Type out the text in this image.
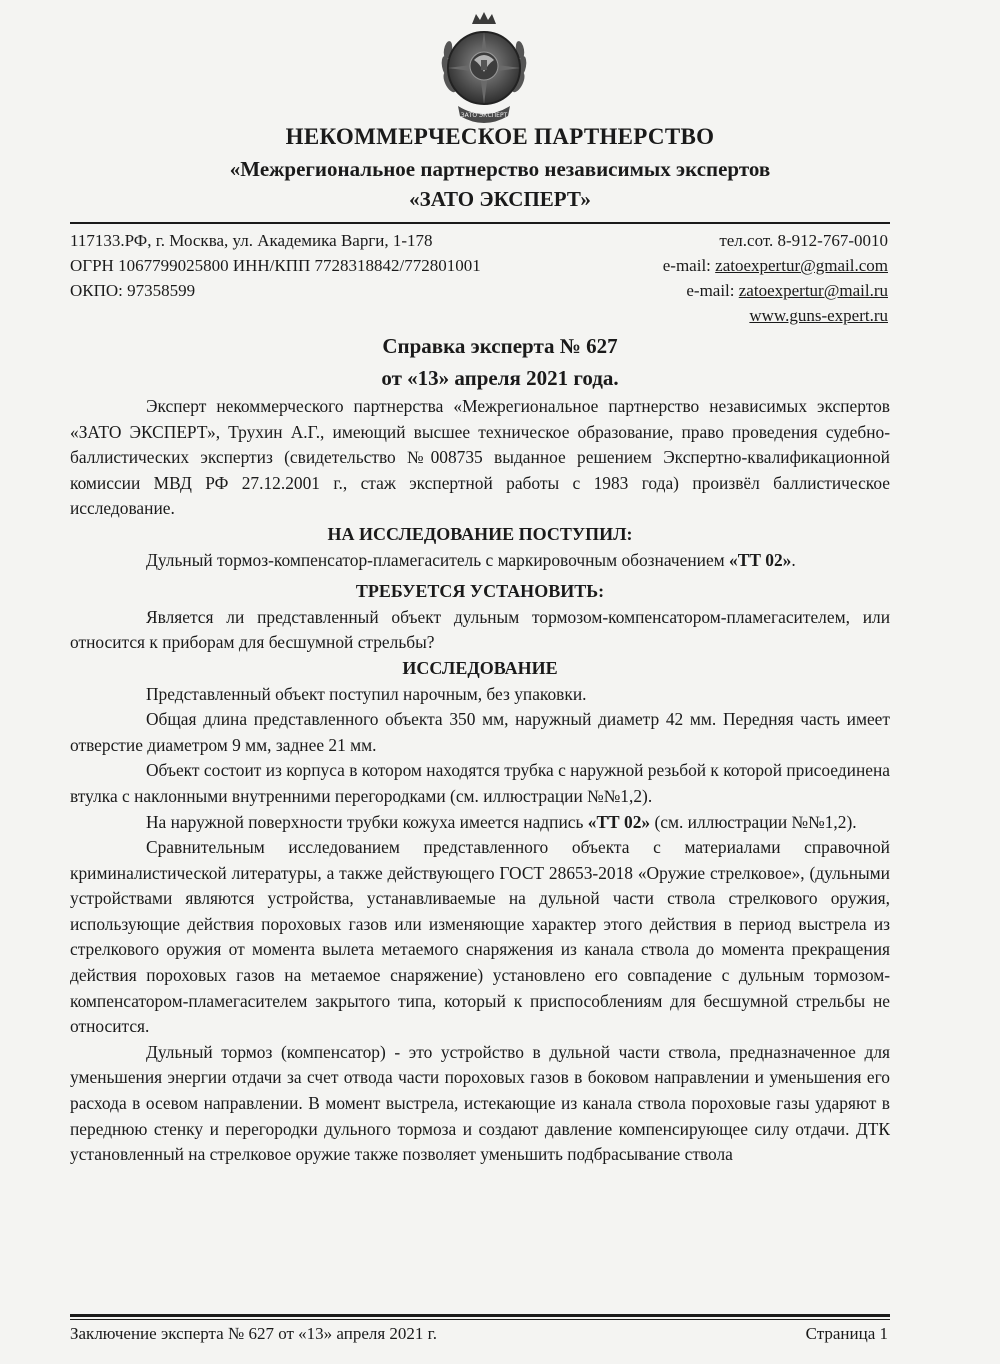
ЗАТО ЭКСПЕРТ
НЕКОММЕРЧЕСКОЕ ПАРТНЕРСТВО
«Межрегиональное партнерство независимых экспертов
«ЗАТО ЭКСПЕРТ»
117133.РФ, г. Москва, ул. Академика Варги, 1-178
ОГРН 1067799025800 ИНН/КПП 7728318842/772801001
ОКПО: 97358599
тел.сот. 8-912-767-0010
e-mail: zatoexpertur@gmail.com
e-mail: zatoexpertur@mail.ru
www.guns-expert.ru
Справка эксперта № 627
от «13» апреля 2021 года.

Эксперт некоммерческого партнерства «Межрегиональное партнерство независимых экспертов «ЗАТО ЭКСПЕРТ», Трухин А.Г., имеющий высшее техническое образование, право проведения судебно-баллистических экспертиз (свидетельство №008735 выданное решением Экспертно-квалификационной комиссии МВД РФ 27.12.2001 г., стаж экспертной работы с 1983 года) произвёл баллистическое исследование.

НА ИССЛЕДОВАНИЕ ПОСТУПИЛ:

Дульный тормоз-компенсатор-пламегаситель с маркировочным обозначением «ТТ 02».

ТРЕБУЕТСЯ УСТАНОВИТЬ:

Является ли представленный объект дульным тормозом-компенсатором-пламегасителем, или относится к приборам для бесшумной стрельбы?

ИССЛЕДОВАНИЕ

Представленный объект поступил нарочным, без упаковки.

Общая длина представленного объекта 350 мм, наружный диаметр 42 мм. Передняя часть имеет отверстие диаметром 9 мм, заднее 21 мм.

Объект состоит из корпуса в котором находятся трубка с наружной резьбой к которой присоединена втулка с наклонными внутренними перегородками (см. иллюстрации №№1,2).

На наружной поверхности трубки кожуха имеется надпись «ТТ 02» (см. иллюстрации №№1,2).

Сравнительным исследованием представленного объекта с материалами справочной криминалистической литературы, а также действующего ГОСТ 28653-2018 «Оружие стрелковое», (дульными устройствами являются устройства, устанавливаемые на дульной части ствола стрелкового оружия, использующие действия пороховых газов или изменяющие характер этого действия в период выстрела из стрелкового оружия от момента вылета метаемого снаряжения из канала ствола до момента прекращения действия пороховых газов на метаемое снаряжение) установлено его совпадение с дульным тормозом-компенсатором-пламегасителем закрытого типа, который к приспособлениям для бесшумной стрельбы не относится.

Дульный тормоз (компенсатор) - это устройство в дульной части ствола, предназначенное для уменьшения энергии отдачи за счет отвода части пороховых газов в боковом направлении и уменьшения его расхода в осевом направлении. В момент выстрела, истекающие из канала ствола пороховые газы ударяют в переднюю стенку и перегородки дульного тормоза и создают давление компенсирующее силу отдачи. ДТК установленный на стрелковое оружие также позволяет уменьшить подбрасывание ствола

Заключение эксперта № 627 от «13» апреля 2021 г.	Страница 1
